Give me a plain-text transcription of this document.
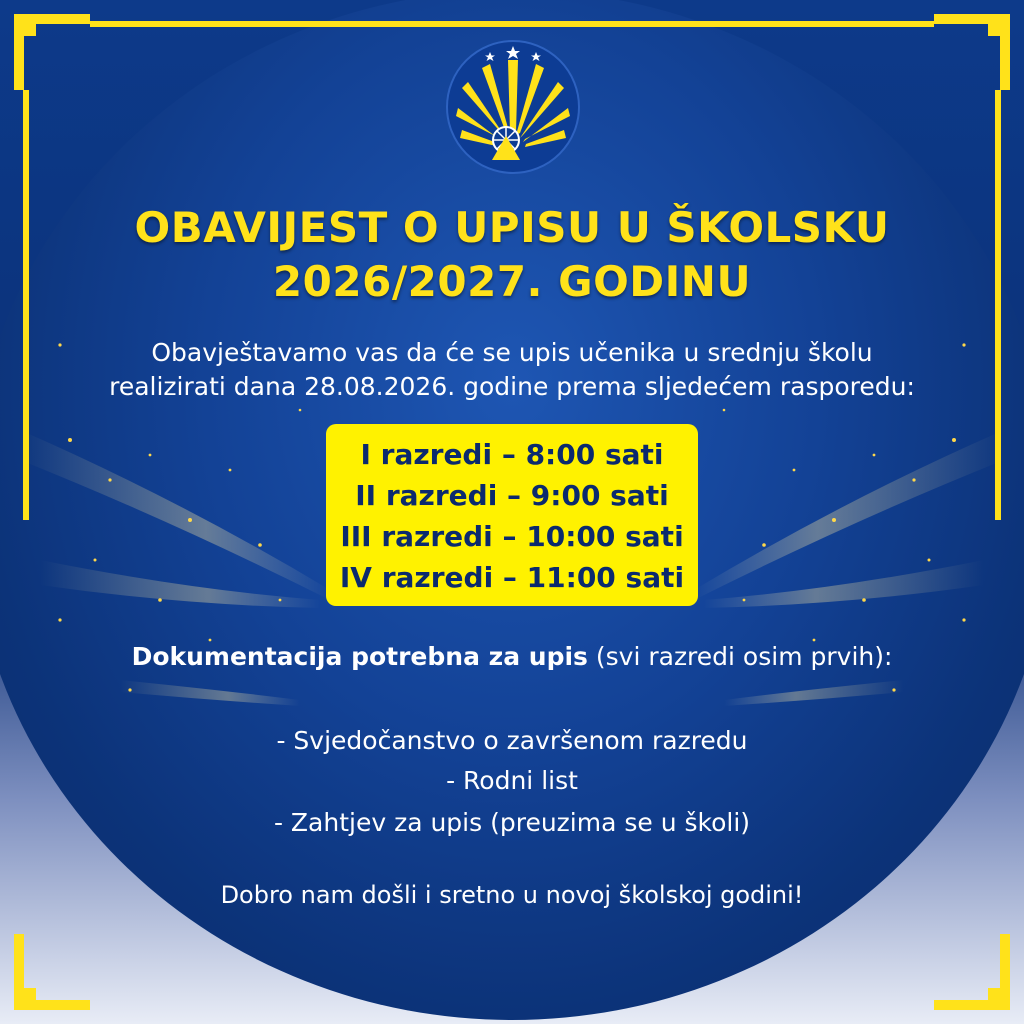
OBAVIJEST O UPISU U ŠKOLSKU
2026/2027. GODINU
Obavještavamo vas da će se upis učenika u srednju školu
realizirati dana 28.08.2026. godine prema sljedećem rasporedu:
I razredi – 8:00 sati
II razredi – 9:00 sati
III razredi – 10:00 sati
IV razredi – 11:00 sati
Dokumentacija potrebna za upis (svi razredi osim prvih):
- Svjedočanstvo o završenom razredu
- Rodni list
- Zahtjev za upis (preuzima se u školi)
Dobro nam došli i sretno u novoj školskoj godini!
